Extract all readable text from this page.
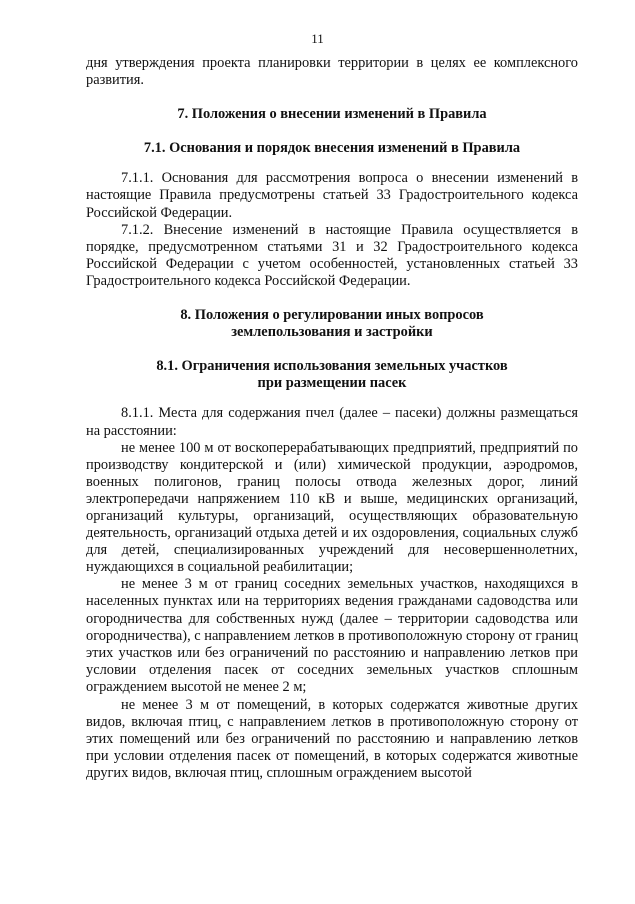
11

дня утверждения проекта планировки территории в целях ее комплексного развития.

7. Положения о внесении изменений в Правила

7.1. Основания и порядок внесения изменений в Правила

7.1.1. Основания для рассмотрения вопроса о внесении изменений в настоящие Правила предусмотрены статьей 33 Градостроительного кодекса Российской Федерации.

7.1.2. Внесение изменений в настоящие Правила осуществляется в порядке, предусмотренном статьями 31 и 32 Градостроительного кодекса Российской Федерации с учетом особенностей, установленных статьей 33 Градостроительного кодекса Российской Федерации.

8. Положения о регулировании иных вопросов

землепользования и застройки

8.1. Ограничения использования земельных участков

при размещении пасек

8.1.1. Места для содержания пчел (далее – пасеки) должны размещаться на расстоянии:

не менее 100 м от воскоперерабатывающих предприятий, предприятий по производству кондитерской и (или) химической продукции, аэродромов, военных полигонов, границ полосы отвода железных дорог, линий электропередачи напряжением 110 кВ и выше, медицинских организаций, организаций культуры, организаций, осуществляющих образовательную деятельность, организаций отдыха детей и их оздоровления, социальных служб для детей, специализированных учреждений для несовершеннолетних, нуждающихся в социальной реабилитации;

не менее 3 м от границ соседних земельных участков, находящихся в населенных пунктах или на территориях ведения гражданами садоводства или огородничества для собственных нужд (далее – территории садоводства или огородничества), с направлением летков в противоположную сторону от границ этих участков или без ограничений по расстоянию и направлению летков при условии отделения пасек от соседних земельных участков сплошным ограждением высотой не менее 2 м;

не менее 3 м от помещений, в которых содержатся животные других видов, включая птиц, с направлением летков в противоположную сторону от этих помещений или без ограничений по расстоянию и направлению летков при условии отделения пасек от помещений, в которых содержатся животные других видов, включая птиц, сплошным ограждением высотой
